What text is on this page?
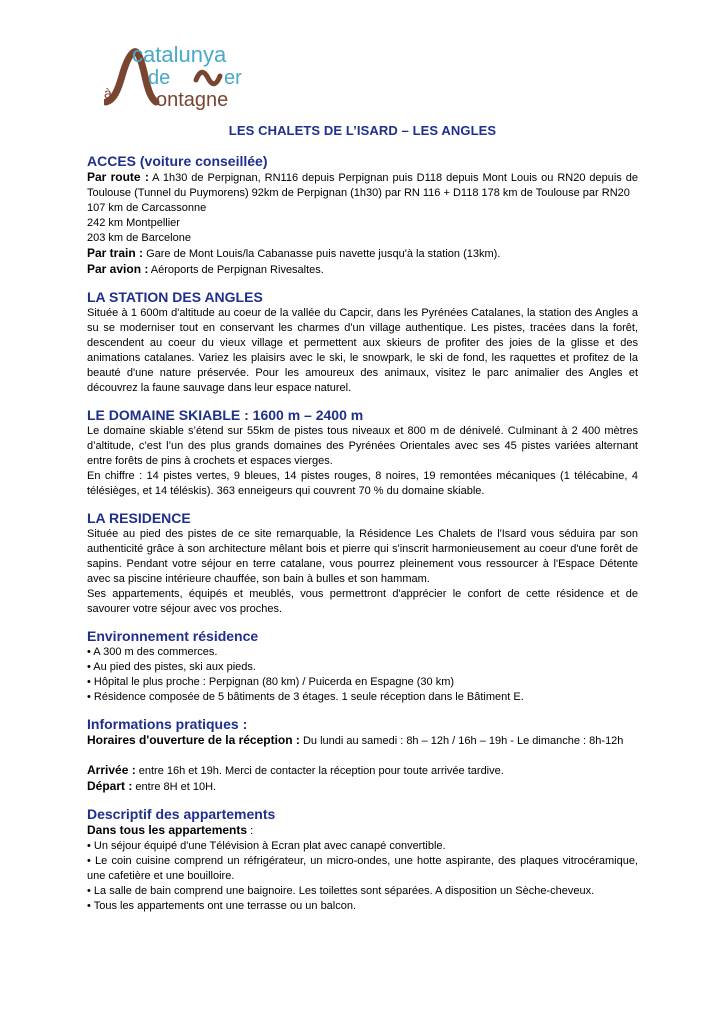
catalunya
de	er
à ontagne
LES CHALETS DE L’ISARD – LES ANGLES
ACCES (voiture conseillée)

Par route : A 1h30 de Perpignan, RN116 depuis Perpignan puis D118 depuis Mont Louis ou RN20 depuis de Toulouse (Tunnel du Puymorens) 92km de Perpignan (1h30) par RN 116 + D118 178 km de Toulouse par RN20

107 km de Carcassonne

242 km Montpellier

203 km de Barcelone

Par train : Gare de Mont Louis/la Cabanasse puis navette jusqu'à la station (13km).

Par avion : Aéroports de Perpignan Rivesaltes.

LA STATION DES ANGLES

Située à 1 600m d'altitude au coeur de la vallée du Capcir, dans les Pyrénées Catalanes, la station des Angles a su se moderniser tout en conservant les charmes d'un village authentique. Les pistes, tracées dans la forêt, descendent au coeur du vieux village et permettent aux skieurs de profiter des joies de la glisse et des animations catalanes. Variez les plaisirs avec le ski, le snowpark, le ski de fond, les raquettes et profitez de la beauté d'une nature préservée. Pour les amoureux des animaux, visitez le parc animalier des Angles et découvrez la faune sauvage dans leur espace naturel.

LE DOMAINE SKIABLE : 1600 m – 2400 m

Le domaine skiable s’étend sur 55km de pistes tous niveaux et 800 m de dénivelé. Culminant à 2 400 mètres d’altitude, c’est l’un des plus grands domaines des Pyrénées Orientales avec ses 45 pistes variées alternant entre forêts de pins à crochets et espaces vierges.

En chiffre : 14 pistes vertes, 9 bleues, 14 pistes rouges, 8 noires, 19 remontées mécaniques (1 télécabine, 4 télésièges, et 14 téléskis). 363 enneigeurs qui couvrent 70 % du domaine skiable.

LA RESIDENCE

Située au pied des pistes de ce site remarquable, la Résidence Les Chalets de l'Isard vous séduira par son authenticité grâce à son architecture mêlant bois et pierre qui s'inscrit harmonieusement au coeur d'une forêt de sapins. Pendant votre séjour en terre catalane, vous pourrez pleinement vous ressourcer à l'Espace Détente avec sa piscine intérieure chauffée, son bain à bulles et son hammam.

Ses appartements, équipés et meublés, vous permettront d'apprécier le confort de cette résidence et de savourer votre séjour avec vos proches.

Environnement résidence

• A 300 m des commerces.

• Au pied des pistes, ski aux pieds.

• Hôpital le plus proche : Perpignan (80 km) / Puicerda en Espagne (30 km)

• Résidence composée de 5 bâtiments de 3 étages. 1 seule réception dans le Bâtiment E.

Informations pratiques :

Horaires d'ouverture de la réception : Du lundi au samedi : 8h – 12h / 16h – 19h - Le dimanche : 8h-12h

Arrivée : entre 16h et 19h. Merci de contacter la réception pour toute arrivée tardive.

Départ : entre 8H et 10H.

Descriptif des appartements

Dans tous les appartements :

• Un séjour équipé d'une Télévision à Ecran plat avec canapé convertible.

• Le coin cuisine comprend un réfrigérateur, un micro-ondes, une hotte aspirante, des plaques vitrocéramique, une cafetière et une bouilloire.

• La salle de bain comprend une baignoire. Les toilettes sont séparées. A disposition un Sèche-cheveux.

• Tous les appartements ont une terrasse ou un balcon.
